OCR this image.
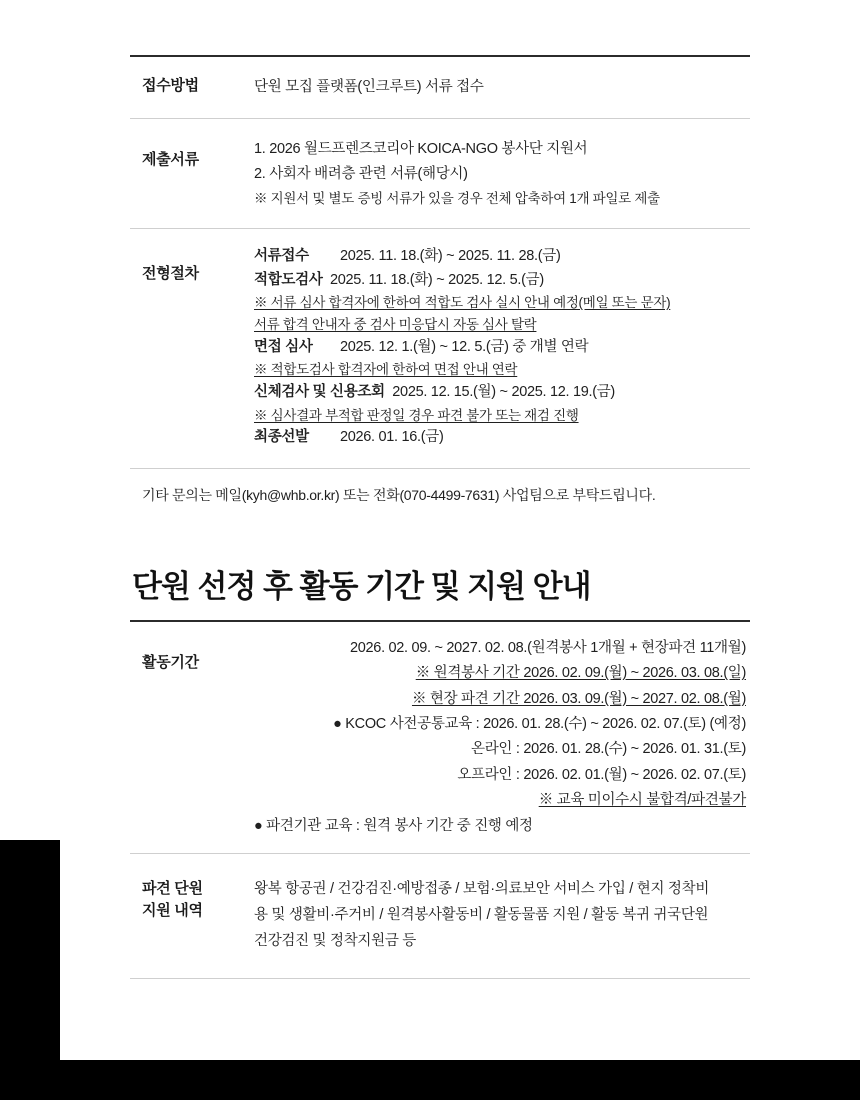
접수방법	단원 모집 플랫폼(인크루트) 서류 접수
제출서류
1. 2026 월드프렌즈코리아 KOICA-NGO 봉사단 지원서
2. 사회자 배려층 관련 서류(해당시)
※ 지원서 및 별도 증빙 서류가 있을 경우 전체 압축하여 1개 파일로 제출
전형절차
서류접수 2025. 11. 18.(화) ~ 2025. 11. 28.(금)
적합도검사 2025. 11. 18.(화) ~ 2025. 12. 5.(금)
※ 서류 심사 합격자에 한하여 적합도 검사 실시 안내 예정(메일 또는 문자)
서류 합격 안내자 중 검사 미응답시 자동 심사 탈락
면접 심사 2025. 12. 1.(월) ~ 12. 5.(금) 중 개별 연락
※ 적합도검사 합격자에 한하여 면접 안내 연락
신체검사 및 신용조회 2025. 12. 15.(월) ~ 2025. 12. 19.(금)
※ 심사결과 부적합 판정일 경우 파견 불가 또는 재검 진행
최종선발 2026. 01. 16.(금)
기타 문의는 메일(kyh@whb.or.kr) 또는 전화(070-4499-7631) 사업팀으로 부탁드립니다.
단원 선정 후 활동 기간 및 지원 안내
활동기간
2026. 02. 09. ~ 2027. 02. 08.(원격봉사 1개월 + 현장파견 11개월)
※ 원격봉사 기간 2026. 02. 09.(월) ~ 2026. 03. 08.(일)
※ 현장 파견 기간 2026. 03. 09.(월) ~ 2027. 02. 08.(월)
● KCOC 사전공통교육 : 2026. 01. 28.(수) ~ 2026. 02. 07.(토) (예정)
온라인 : 2026. 01. 28.(수) ~ 2026. 01. 31.(토)
오프라인 : 2026. 02. 01.(월) ~ 2026. 02. 07.(토)
※ 교육 미이수시 불합격/파견불가
● 파견기관 교육 : 원격 봉사 기간 중 진행 예정
파견 단원
지원 내역
왕복 항공권 / 건강검진·예방접종 / 보험·의료보안 서비스 가입 / 현지 정착비
용 및 생활비·주거비 / 원격봉사활동비 / 활동물품 지원 / 활동 복귀 귀국단원
건강검진 및 정착지원금 등
